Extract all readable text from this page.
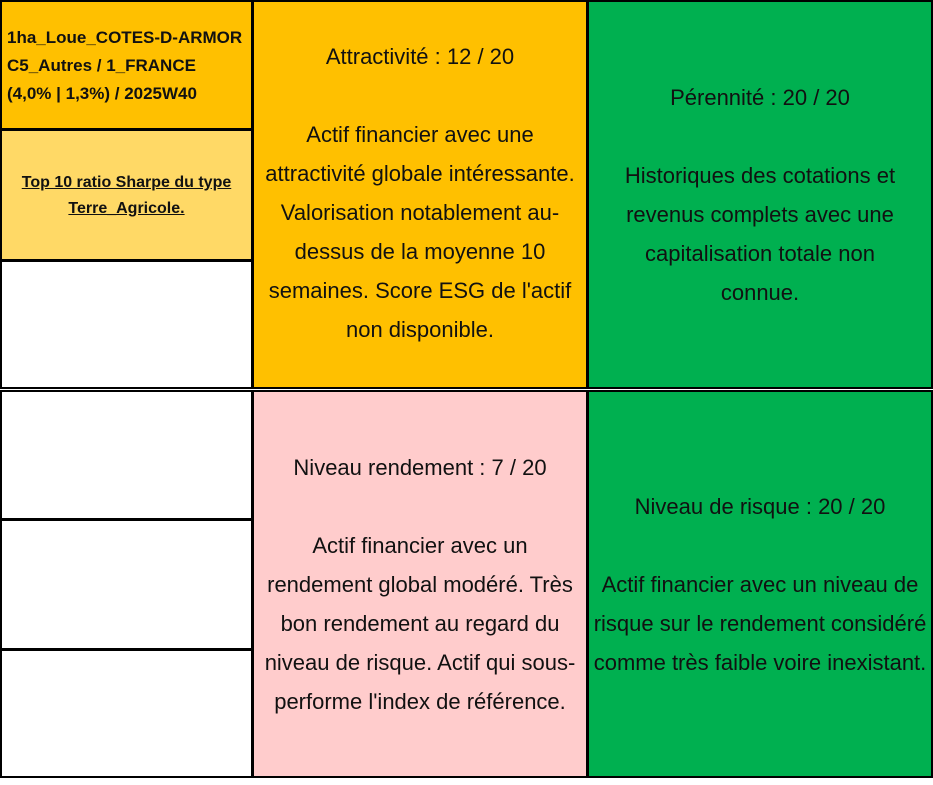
1ha_Loue_COTES-D-ARMOR
C5_Autres / 1_FRANCE
(4,0% | 1,3%) / 2025W40
Top 10 ratio Sharpe du type
Terre_Agricole.
Attractivité : 12 / 20
Actif financier avec une attractivité globale intéressante. Valorisation notablement au-dessus de la moyenne 10 semaines. Score ESG de l'actif non disponible.
Pérennité : 20 / 20
Historiques des cotations et revenus complets avec une capitalisation totale non connue.
Niveau rendement : 7 / 20
Actif financier avec un rendement global modéré. Très bon rendement au regard du niveau de risque. Actif qui sous-performe l'index de référence.
Niveau de risque : 20 / 20
Actif financier avec un niveau de risque sur le rendement considéré comme très faible voire inexistant.
